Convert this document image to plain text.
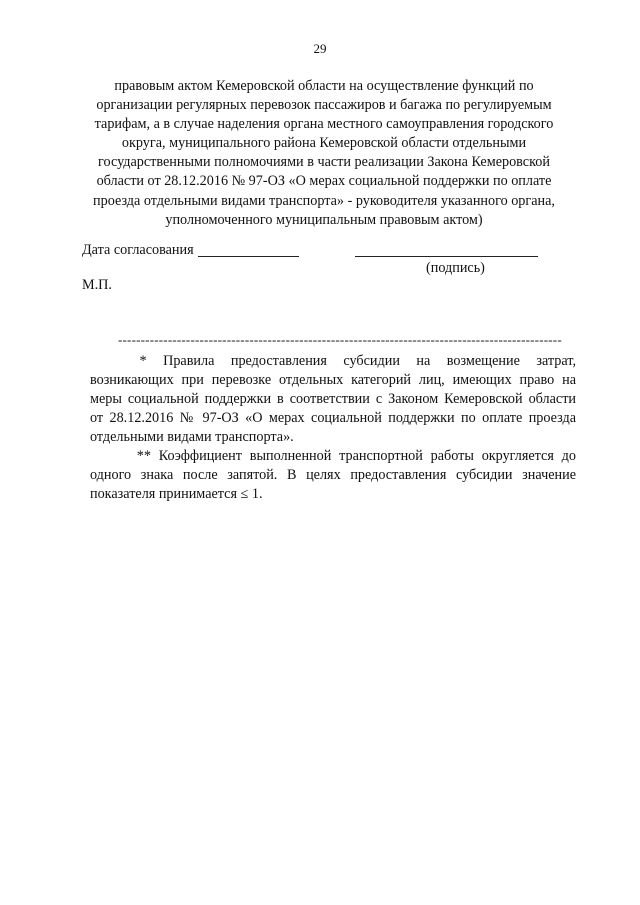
29
правовым актом Кемеровской области на осуществление функций по
организации регулярных перевозок пассажиров и багажа по регулируемым
тарифам, а в случае наделения органа местного самоуправления городского
округа, муниципального района Кемеровской области отдельными
государственными полномочиями в части реализации Закона Кемеровской
области от 28.12.2016 № 97-ОЗ «О мерах социальной поддержки по оплате
проезда отдельными видами транспорта» - руководителя указанного органа,
уполномоченного муниципальным правовым актом)
Дата согласования
(подпись)
М.П.
--------------------------------------------------------------------------------------------------
*  Правила  предоставления  субсидии  на  возмещение  затрат,
возникающих при перевозке отдельных категорий лиц, имеющих право на
меры социальной поддержки в соответствии с Законом Кемеровской области
от 28.12.2016 № 97-ОЗ «О мерах социальной поддержки по оплате проезда
отдельными видами транспорта».
** Коэффициент выполненной транспортной работы округляется до
одного знака после запятой. В целях предоставления субсидии значение
показателя принимается ≤ 1.
